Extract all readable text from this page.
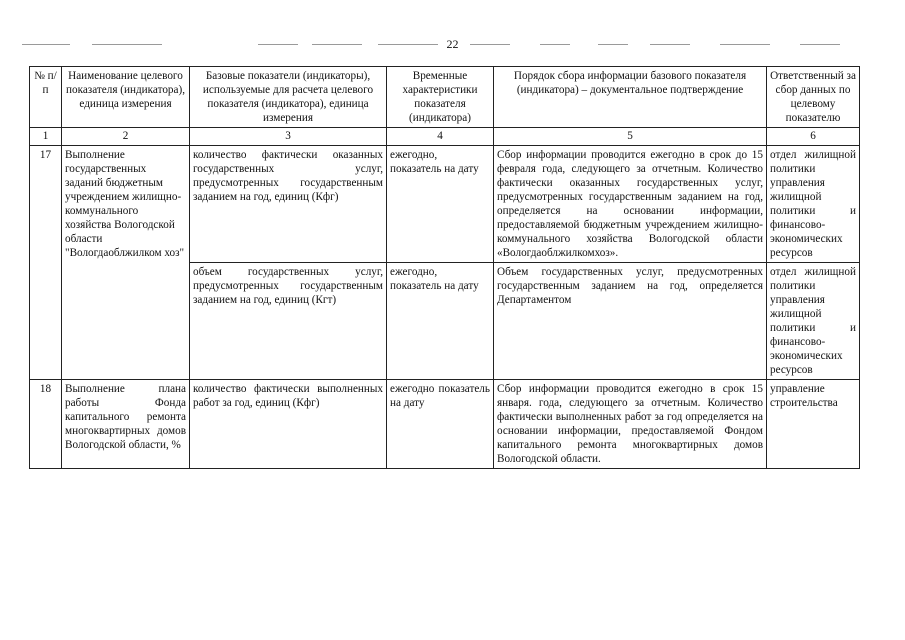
22
№ п/п	Наименование целевого показателя (индикатора), единица измерения	Базовые показатели (индикаторы), используемые для расчета целевого показателя (индикатора), единица измерения	Временные характеристики показателя (индикатора)	Порядок сбора информации базового показателя (индикатора) – документальное подтверждение	Ответственный за сбор данных по целевому показателю
1	2	3	4	5	6
17	Выполнение государственных заданий бюджетным учреждением жилищно-коммунального хозяйства Вологодской области "Вологдаоблжилком хоз"	количество фактически оказанных государственных услуг, предусмотренных государственным заданием на год, единиц (Кфг)	ежегодно, показатель на дату	Сбор информации проводится ежегодно в срок до 15 февраля года, следующего за отчетным. Количество фактически оказанных государственных услуг, предусмотренных государственным заданием на год, определяется на основании информации, предоставляемой бюджетным учреждением жилищно-коммунального хозяйства Вологодской области «Вологдаоблжилкомхоз».	отдел жилищной политики управления жилищной политики и финансово-экономических ресурсов
		объем государственных услуг, предусмотренных государственным заданием на год, единиц (Кгт)	ежегодно, показатель на дату	Объем государственных услуг, предусмотренных государственным заданием на год, определяется Департаментом	отдел жилищной политики управления жилищной политики и финансово-экономических ресурсов
18	Выполнение плана работы Фонда капитального ремонта многоквартирных домов Вологодской области, %	количество фактически выполненных работ за год, единиц (Кфг)	ежегодно показатель на дату	Сбор информации проводится ежегодно в срок 15 января. года, следующего за отчетным. Количество фактически выполненных работ за год определяется на основании информации, предоставляемой Фондом капитального ремонта многоквартирных домов Вологодской области.	управление строительства
